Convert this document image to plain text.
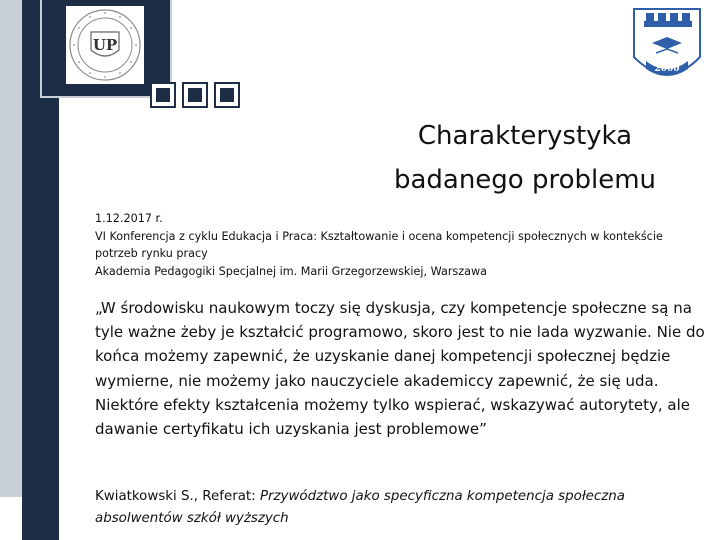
UP
2000
Charakterystyka
badanego problemu
1.12.2017 r.
VI Konferencja z cyklu Edukacja i Praca: Kształtowanie i ocena kompetencji społecznych w kontekście potrzeb rynku pracy
Akademia Pedagogiki Specjalnej im. Marii Grzegorzewskiej, Warszawa
„W środowisku naukowym toczy się dyskusja, czy kompetencje społeczne są na tyle ważne żeby je kształcić programowo, skoro jest to nie lada wyzwanie. Nie do końca możemy zapewnić, że uzyskanie danej kompetencji społecznej będzie wymierne, nie możemy jako nauczyciele akademiccy zapewnić, że się uda. Niektóre efekty kształcenia możemy tylko wspierać, wskazywać autorytety, ale dawanie certyfikatu ich uzyskania jest problemowe”
Kwiatkowski S., Referat: Przywództwo jako specyficzna kompetencja społeczna absolwentów szkół wyższych
